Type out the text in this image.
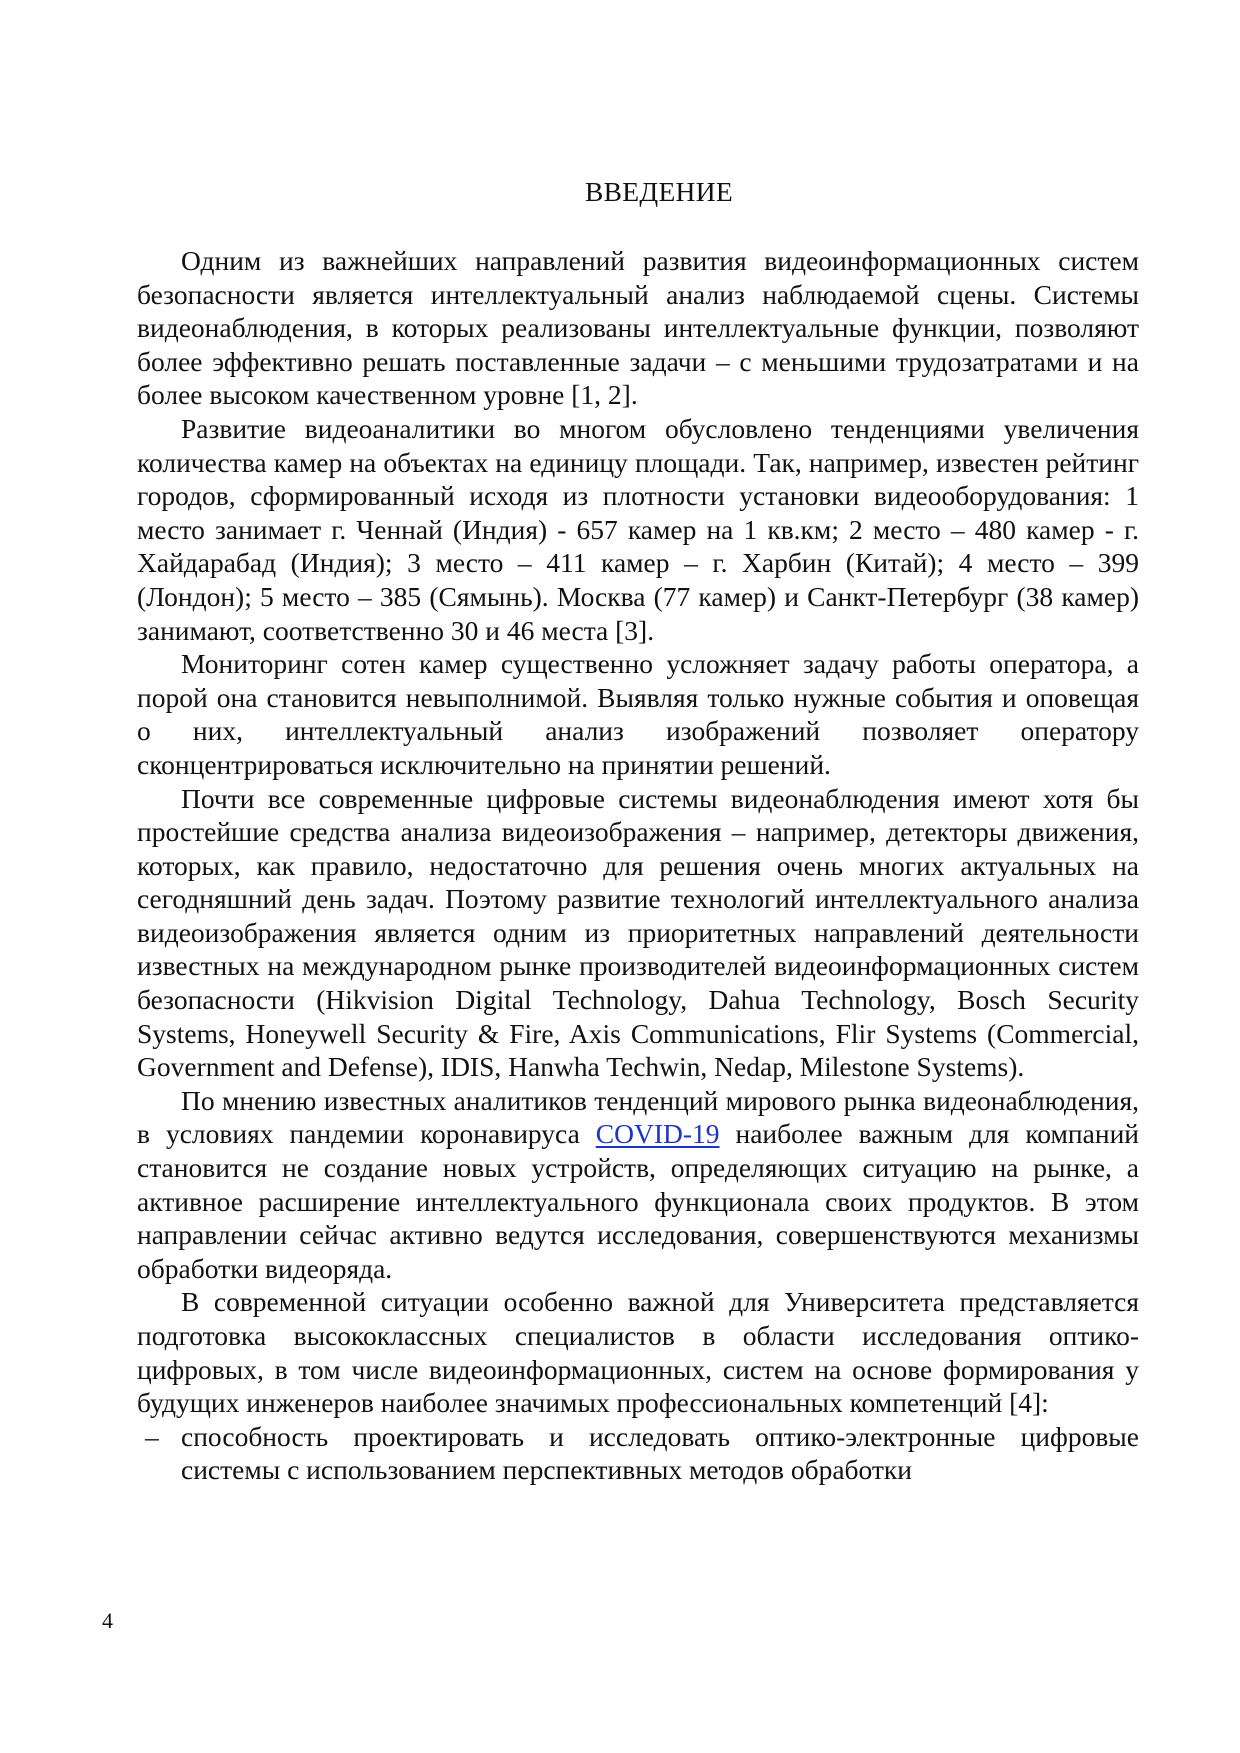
ВВЕДЕНИЕ

Одним из важнейших направлений развития видеоинформационных систем безопасности является интеллектуальный анализ наблюдаемой сцены. Системы видеонаблюдения, в которых реализованы интеллектуальные функции, позволяют более эффективно решать поставленные задачи – с меньшими трудозатратами и на более высоком качественном уровне [1, 2].

Развитие видеоаналитики во многом обусловлено тенденциями увеличения количества камер на объектах на единицу площади. Так, например, известен рейтинг городов, сформированный исходя из плотности установки видеооборудования: 1 место занимает г. Ченнай (Индия) - 657 камер на 1 кв.км; 2 место – 480 камер - г. Хайдарабад (Индия); 3 место – 411 камер – г. Харбин (Китай); 4 место – 399 (Лондон); 5 место – 385 (Сямынь). Москва (77 камер) и Санкт-Петербург (38 камер) занимают, соответственно 30 и 46 места [3].

Мониторинг сотен камер существенно усложняет задачу работы оператора, а порой она становится невыполнимой. Выявляя только нужные события и оповещая о них, интеллектуальный анализ изображений позволяет оператору сконцентрироваться исключительно на принятии решений.

Почти все современные цифровые системы видеонаблюдения имеют хотя бы простейшие средства анализа видеоизображения – например, детекторы движения, которых, как правило, недостаточно для решения очень многих актуальных на сегодняшний день задач. Поэтому развитие технологий интеллектуального анализа видеоизображения является одним из приоритетных направлений деятельности известных на международном рынке производителей видеоинформационных систем безопасности (Hikvision Digital Technology, Dahua Technology, Bosch Security Systems, Honeywell Security & Fire, Axis Communications, Flir Systems (Commercial, Government and Defense), IDIS, Hanwha Techwin, Nedap, Milestone Systems).

По мнению известных аналитиков тенденций мирового рынка видеонаблюдения, в условиях пандемии коронавируса COVID-19 наиболее важным для компаний становится не создание новых устройств, определяющих ситуацию на рынке, а активное расширение интеллектуального функционала своих продуктов. В этом направлении сейчас активно ведутся исследования, совершенствуются механизмы обработки видеоряда.

В современной ситуации особенно важной для Университета представляется подготовка высококлассных специалистов в области исследования оптико-цифровых, в том числе видеоинформационных, систем на основе формирования у будущих инженеров наиболее значимых профессиональных компетенций [4]:

– способность проектировать и исследовать оптико-электронные цифровые системы с использованием перспективных методов обработки
4
